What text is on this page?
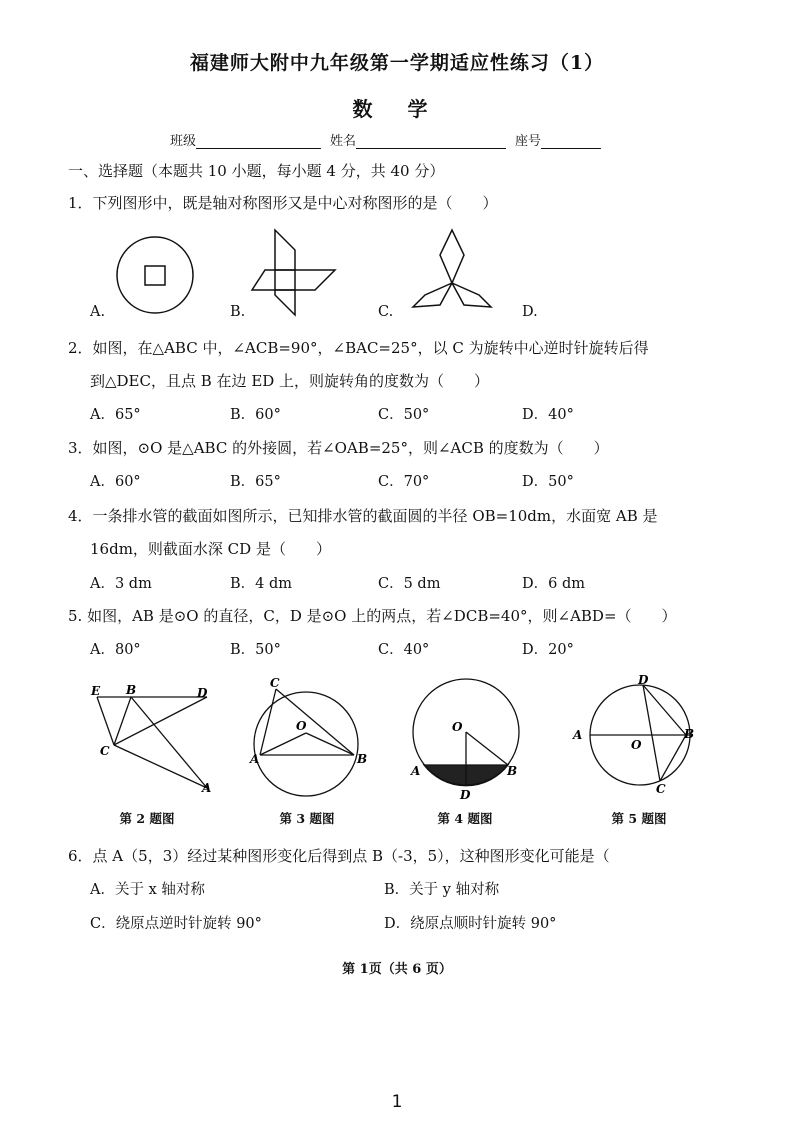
福建师大附中九年级第一学期适应性练习（1）
数 学
班级	姓名	座号
一、选择题（本题共 10 小题，每小题 4 分，共 40 分）
1．下列图形中，既是轴对称图形又是中心对称图形的是（　　）
A.	B.	C.	D.
2．如图，在△ABC 中，∠ACB=90°，∠BAC=25°，以 C 为旋转中心逆时针旋转后得
到△DEC，且点 B 在边 ED 上，则旋转角的度数为（　　）
A．65°	B．60°	C．50°	D．40°
3．如图，⊙O 是△ABC 的外接圆，若∠OAB=25°，则∠ACB 的度数为（　　）
A．60°	B．65°	C．70°	D．50°
4．一条排水管的截面如图所示，已知排水管的截面圆的半径 OB=10dm，水面宽 AB 是
16dm，则截面水深 CD 是（　　）
A．3 dm	B．4 dm	C．5 dm	D．6 dm
5. 如图，AB 是⊙O 的直径，C，D 是⊙O 上的两点，若∠DCB=40°，则∠ABD=（　　）
A．80°	B．50°	C．40°	D．20°
E B	D
C
A
C
O
A	B
O
A	B
D
D
A
O
B
C
第 2 题图	第 3 题图	第 4 题图	第 5 题图
6．点 A（5，3）经过某种图形变化后得到点 B（-3，5），这种图形变化可能是（
A．关于 x 轴对称	B．关于 y 轴对称
C．绕原点逆时针旋转 90°	D．绕原点顺时针旋转 90°
第 1页（共 6 页）
1
